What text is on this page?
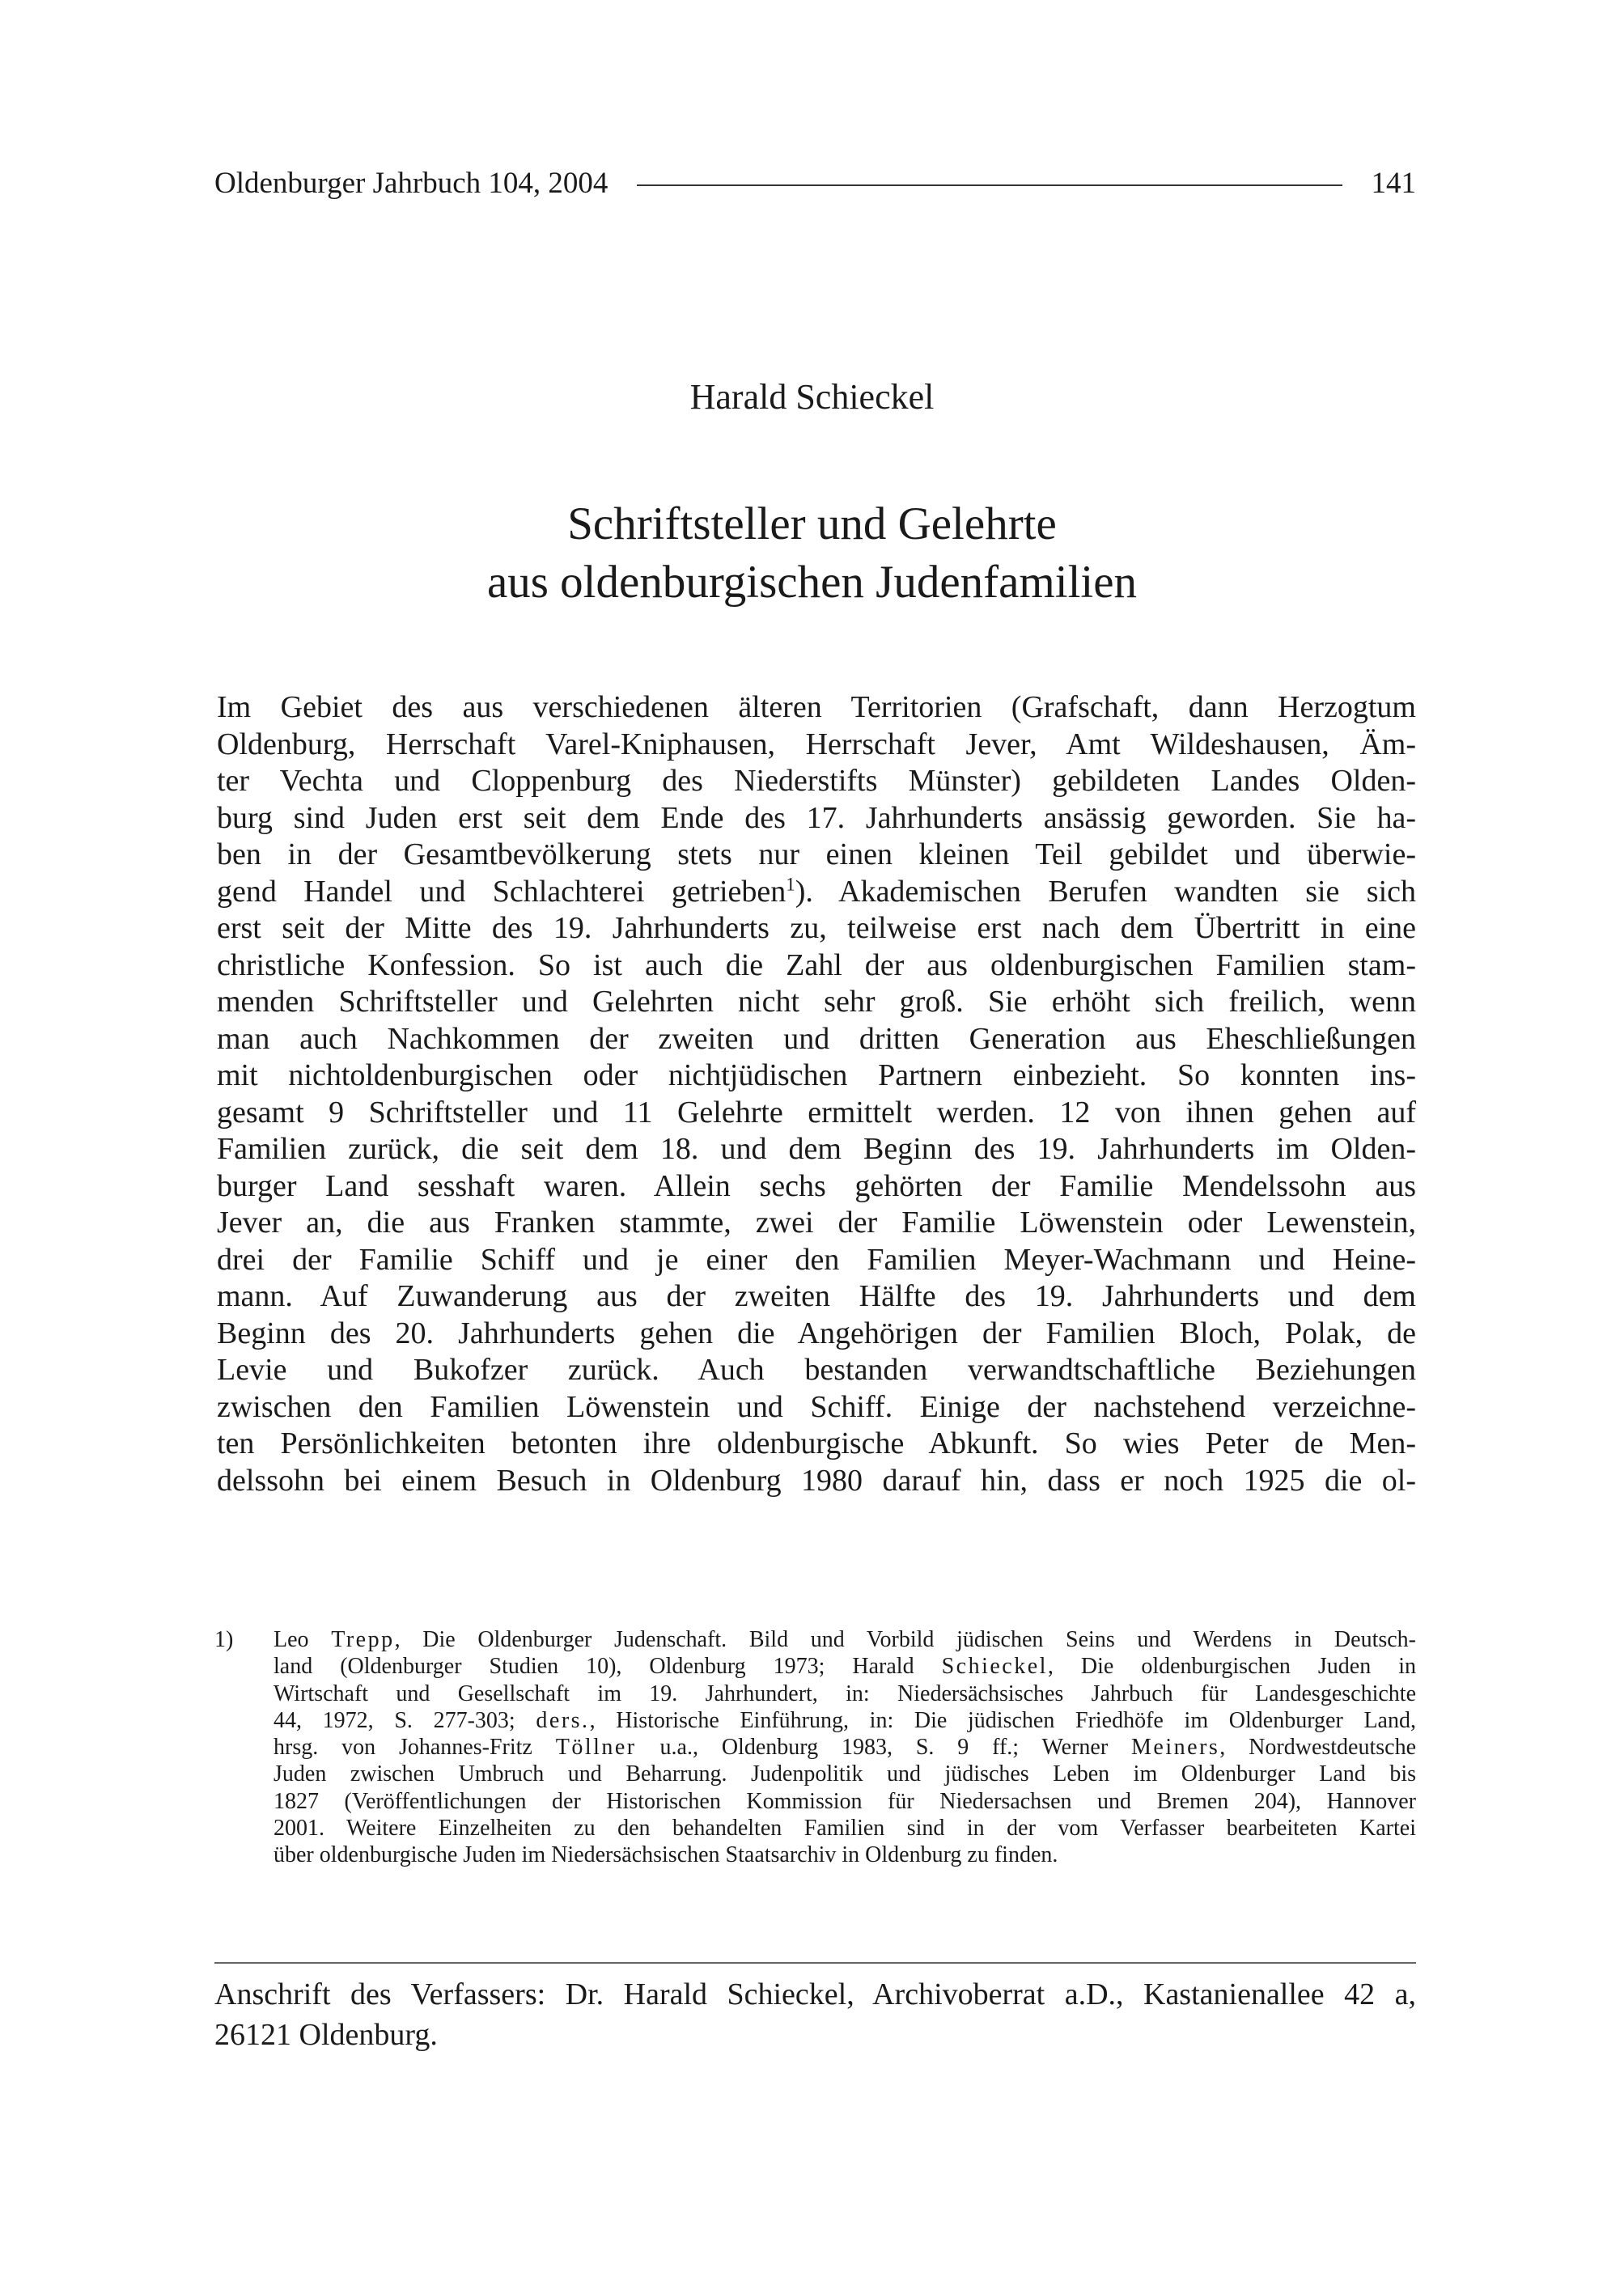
Oldenburger Jahrbuch 104, 2004	141
Harald Schieckel
Schriftsteller und Gelehrte
aus oldenburgischen Judenfamilien
Im Gebiet des aus verschiedenen älteren Territorien (Grafschaft, dann Herzogtum
Oldenburg, Herrschaft Varel-Kniphausen, Herrschaft Jever, Amt Wildeshausen, Äm-
ter Vechta und Cloppenburg des Niederstifts Münster) gebildeten Landes Olden-
burg sind Juden erst seit dem Ende des 17. Jahrhunderts ansässig geworden. Sie ha-
ben in der Gesamtbevölkerung stets nur einen kleinen Teil gebildet und überwie-
gend Handel und Schlachterei getrieben$^1$). Akademischen Berufen wandten sie sich
erst seit der Mitte des 19. Jahrhunderts zu, teilweise erst nach dem Übertritt in eine
christliche Konfession. So ist auch die Zahl der aus oldenburgischen Familien stam-
menden Schriftsteller und Gelehrten nicht sehr groß. Sie erhöht sich freilich, wenn
man auch Nachkommen der zweiten und dritten Generation aus Eheschließungen
mit nichtoldenburgischen oder nichtjüdischen Partnern einbezieht. So konnten ins-
gesamt 9 Schriftsteller und 11 Gelehrte ermittelt werden. 12 von ihnen gehen auf
Familien zurück, die seit dem 18. und dem Beginn des 19. Jahrhunderts im Olden-
burger Land sesshaft waren. Allein sechs gehörten der Familie Mendelssohn aus
Jever an, die aus Franken stammte, zwei der Familie Löwenstein oder Lewenstein,
drei der Familie Schiff und je einer den Familien Meyer-Wachmann und Heine-
mann. Auf Zuwanderung aus der zweiten Hälfte des 19. Jahrhunderts und dem
Beginn des 20. Jahrhunderts gehen die Angehörigen der Familien Bloch, Polak, de
Levie und Bukofzer zurück. Auch bestanden verwandtschaftliche Beziehungen
zwischen den Familien Löwenstein und Schiff. Einige der nachstehend verzeichne-
ten Persönlichkeiten betonten ihre oldenburgische Abkunft. So wies Peter de Men-
delssohn bei einem Besuch in Oldenburg 1980 darauf hin, dass er noch 1925 die ol-
1)	Leo Trepp, Die Oldenburger Judenschaft. Bild und Vorbild jüdischen Seins und Werdens in Deutsch-
land (Oldenburger Studien 10), Oldenburg 1973; Harald Schieckel, Die oldenburgischen Juden in
Wirtschaft und Gesellschaft im 19. Jahrhundert, in: Niedersächsisches Jahrbuch für Landesgeschichte
44, 1972, S. 277-303; ders., Historische Einführung, in: Die jüdischen Friedhöfe im Oldenburger Land,
hrsg. von Johannes-Fritz Töllner u.a., Oldenburg 1983, S. 9 ff.; Werner Meiners, Nordwestdeutsche
Juden zwischen Umbruch und Beharrung. Judenpolitik und jüdisches Leben im Oldenburger Land bis
1827 (Veröffentlichungen der Historischen Kommission für Niedersachsen und Bremen 204), Hannover
2001. Weitere Einzelheiten zu den behandelten Familien sind in der vom Verfasser bearbeiteten Kartei
über oldenburgische Juden im Niedersächsischen Staatsarchiv in Oldenburg zu finden.
Anschrift des Verfassers: Dr. Harald Schieckel, Archivoberrat a.D., Kastanienallee 42 a,
26121 Oldenburg.
